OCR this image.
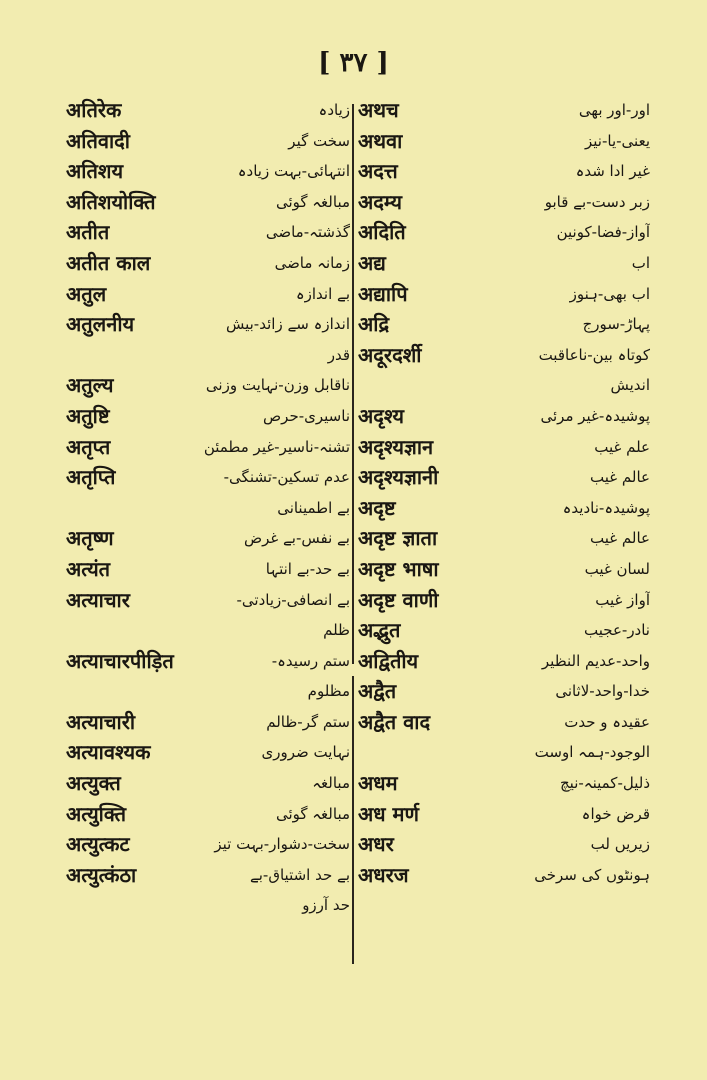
[ ٣٧ ]
अतिरेक	زیادہ
अतिवादी	سخت گیر
अतिशय	انتہائی-بہت زیادہ
अतिशयोक्ति	مبالغہ گوئی
अतीत	گذشتہ-ماضی
अतीत काल	زمانہ ماضی
अतुल	بے اندازہ
अतुलनीय	اندازہ سے زائد-بیش
قدر
अतुल्य	ناقابل وزن-نہایت وزنی
अतुष्टि	ناسیری-حرص
अतृप्त	تشنہ-ناسیر-غیر مطمئن
अतृप्ति	عدم تسکین-تشنگی-
بے اطمینانی
अतृष्ण	بے نفس-بے غرض
अत्यंत	بے حد-بے انتہا
अत्याचार	بے انصافی-زیادتی-
ظلم
अत्याचारपीड़ित	ستم رسیدہ-
مظلوم
अत्याचारी	ستم گر-ظالم
अत्यावश्यक	نہایت ضروری
अत्युक्त	مبالغہ
अत्युक्ति	مبالغہ گوئی
अत्युत्कट	سخت-دشوار-بہت تیز
अत्युत्कंठा	بے حد اشتیاق-بے
حد آرزو
अथच	اور-اور بھی
अथवा	یعنی-یا-نیز
अदत्त	غیر ادا شدہ
अदम्य	زبر دست-بے قابو
अदिति	آواز-فضا-کونین
अद्य	اب
अद्यापि	اب بھی-ہنوز
अद्रि	پہاڑ-سورج
अदूरदर्शी	کوتاہ بین-ناعاقبت
اندیش
अदृश्य	پوشیدہ-غیر مرئی
अदृश्यज्ञान	علم غیب
अदृश्यज्ञानी	عالم غیب
अदृष्ट	پوشیدہ-نادیدہ
अदृष्ट ज्ञाता	عالم غیب
अदृष्ट भाषा	لسان غیب
अदृष्ट वाणी	آواز غیب
अद्भुत	نادر-عجیب
अद्वितीय	واحد-عدیم النظیر
अद्वैत	خدا-واحد-لاثانی
अद्वैत वाद	عقیدہ و حدت
الوجود-ہمہ اوست
अधम	ذلیل-کمینہ-نیچ
अध मर्ण	قرض خواہ
अधर	زیریں لب
अधरज	ہونٹوں کی سرخی
